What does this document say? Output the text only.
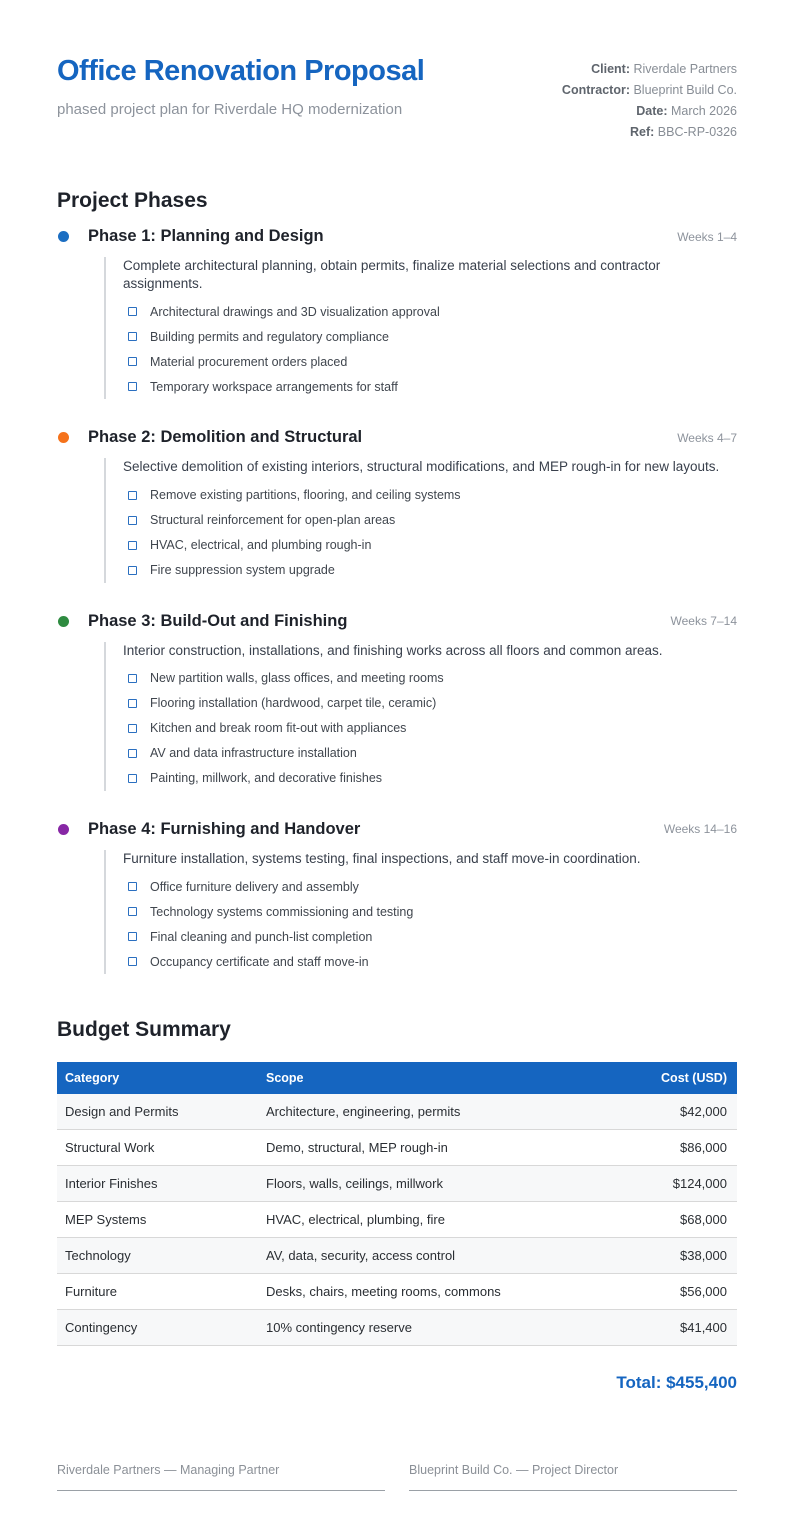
Office Renovation Proposal
phased project plan for Riverdale HQ modernization
Client: Riverdale Partners
Contractor: Blueprint Build Co.
Date: March 2026
Ref: BBC-RP-0326
Project Phases
Phase 1: Planning and Design	Weeks 1–4
Complete architectural planning, obtain permits, finalize material selections and contractor assignments.
Architectural drawings and 3D visualization approval
Building permits and regulatory compliance
Material procurement orders placed
Temporary workspace arrangements for staff
Phase 2: Demolition and Structural	Weeks 4–7
Selective demolition of existing interiors, structural modifications, and MEP rough-in for new layouts.
Remove existing partitions, flooring, and ceiling systems
Structural reinforcement for open-plan areas
HVAC, electrical, and plumbing rough-in
Fire suppression system upgrade
Phase 3: Build-Out and Finishing	Weeks 7–14
Interior construction, installations, and finishing works across all floors and common areas.
New partition walls, glass offices, and meeting rooms
Flooring installation (hardwood, carpet tile, ceramic)
Kitchen and break room fit-out with appliances
AV and data infrastructure installation
Painting, millwork, and decorative finishes
Phase 4: Furnishing and Handover	Weeks 14–16
Furniture installation, systems testing, final inspections, and staff move-in coordination.
Office furniture delivery and assembly
Technology systems commissioning and testing
Final cleaning and punch-list completion
Occupancy certificate and staff move-in
Budget Summary
Category	Scope	Cost (USD)
Design and Permits	Architecture, engineering, permits	$42,000
Structural Work	Demo, structural, MEP rough-in	$86,000
Interior Finishes	Floors, walls, ceilings, millwork	$124,000
MEP Systems	HVAC, electrical, plumbing, fire	$68,000
Technology	AV, data, security, access control	$38,000
Furniture	Desks, chairs, meeting rooms, commons	$56,000
Contingency	10% contingency reserve	$41,400
Total: $455,400
Riverdale Partners — Managing Partner	Blueprint Build Co. — Project Director
